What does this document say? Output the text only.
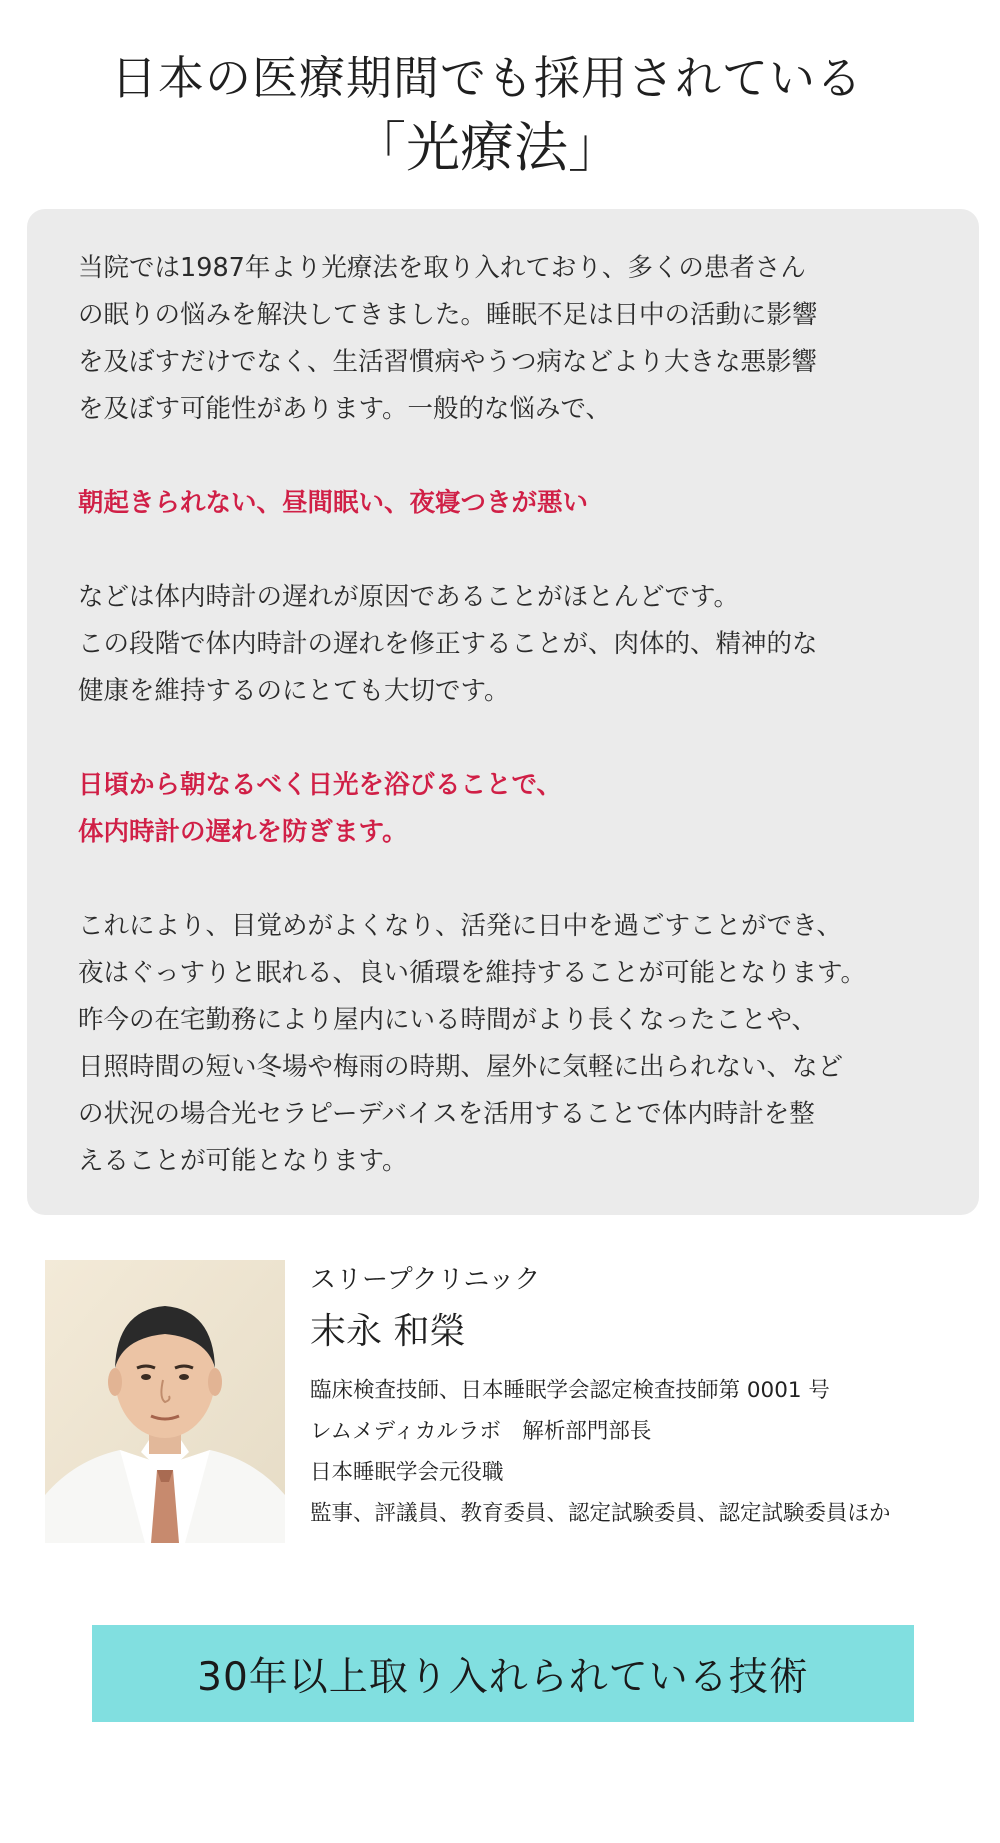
日本の医療期間でも採用されている
「光療法」

当院では1987年より光療法を取り入れており、多くの患者さん
の眠りの悩みを解決してきました。睡眠不足は日中の活動に影響
を及ぼすだけでなく、生活習慣病やうつ病などより大きな悪影響
を及ぼす可能性があります。一般的な悩みで、

朝起きられない、昼間眠い、夜寝つきが悪い

などは体内時計の遅れが原因であることがほとんどです。
この段階で体内時計の遅れを修正することが、肉体的、精神的な
健康を維持するのにとても大切です。

日頃から朝なるべく日光を浴びることで、
体内時計の遅れを防ぎます。

これにより、目覚めがよくなり、活発に日中を過ごすことができ、
夜はぐっすりと眠れる、良い循環を維持することが可能となります。
昨今の在宅勤務により屋内にいる時間がより長くなったことや、
日照時間の短い冬場や梅雨の時期、屋外に気軽に出られない、など
の状況の場合光セラピーデバイスを活用することで体内時計を整
えることが可能となります。

スリープクリニック
末永 和榮
臨床検査技師、日本睡眠学会認定検査技師第 0001 号
レムメディカルラボ　解析部門部長
日本睡眠学会元役職
監事、評議員、教育委員、認定試験委員、認定試験委員ほか
30年以上取り入れられている技術
